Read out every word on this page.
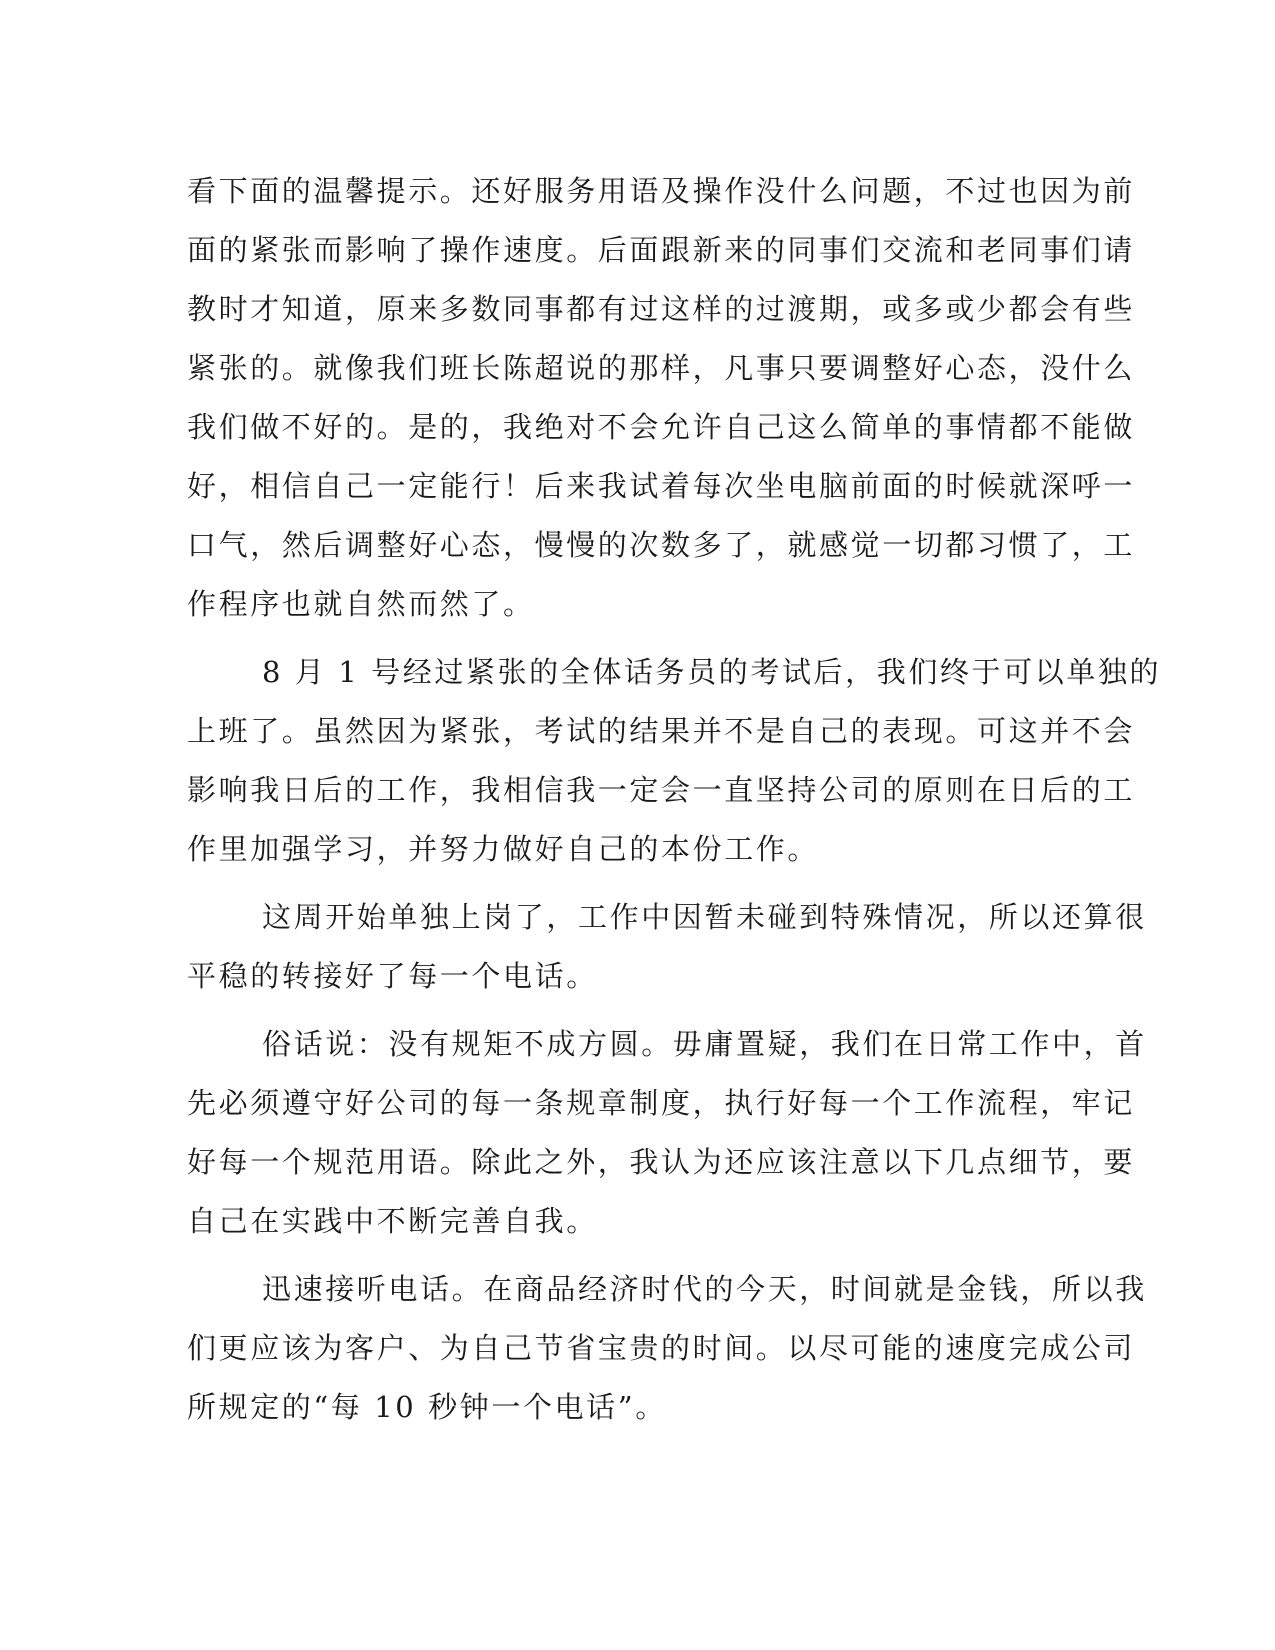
看下面的温馨提示。还好服务用语及操作没什么问题，不过也因为前
面的紧张而影响了操作速度。后面跟新来的同事们交流和老同事们请
教时才知道，原来多数同事都有过这样的过渡期，或多或少都会有些
紧张的。就像我们班长陈超说的那样，凡事只要调整好心态，没什么
我们做不好的。是的，我绝对不会允许自己这么简单的事情都不能做
好，相信自己一定能行！后来我试着每次坐电脑前面的时候就深呼一
口气，然后调整好心态，慢慢的次数多了，就感觉一切都习惯了，工
作程序也就自然而然了。
8 月 1 号经过紧张的全体话务员的考试后，我们终于可以单独的
上班了。虽然因为紧张，考试的结果并不是自己的表现。可这并不会
影响我日后的工作，我相信我一定会一直坚持公司的原则在日后的工
作里加强学习，并努力做好自己的本份工作。
这周开始单独上岗了，工作中因暂未碰到特殊情况，所以还算很
平稳的转接好了每一个电话。
俗话说：没有规矩不成方圆。毋庸置疑，我们在日常工作中，首
先必须遵守好公司的每一条规章制度，执行好每一个工作流程，牢记
好每一个规范用语。除此之外，我认为还应该注意以下几点细节，要
自己在实践中不断完善自我。
迅速接听电话。在商品经济时代的今天，时间就是金钱，所以我
们更应该为客户、为自己节省宝贵的时间。以尽可能的速度完成公司
所规定的“每 10 秒钟一个电话”。
